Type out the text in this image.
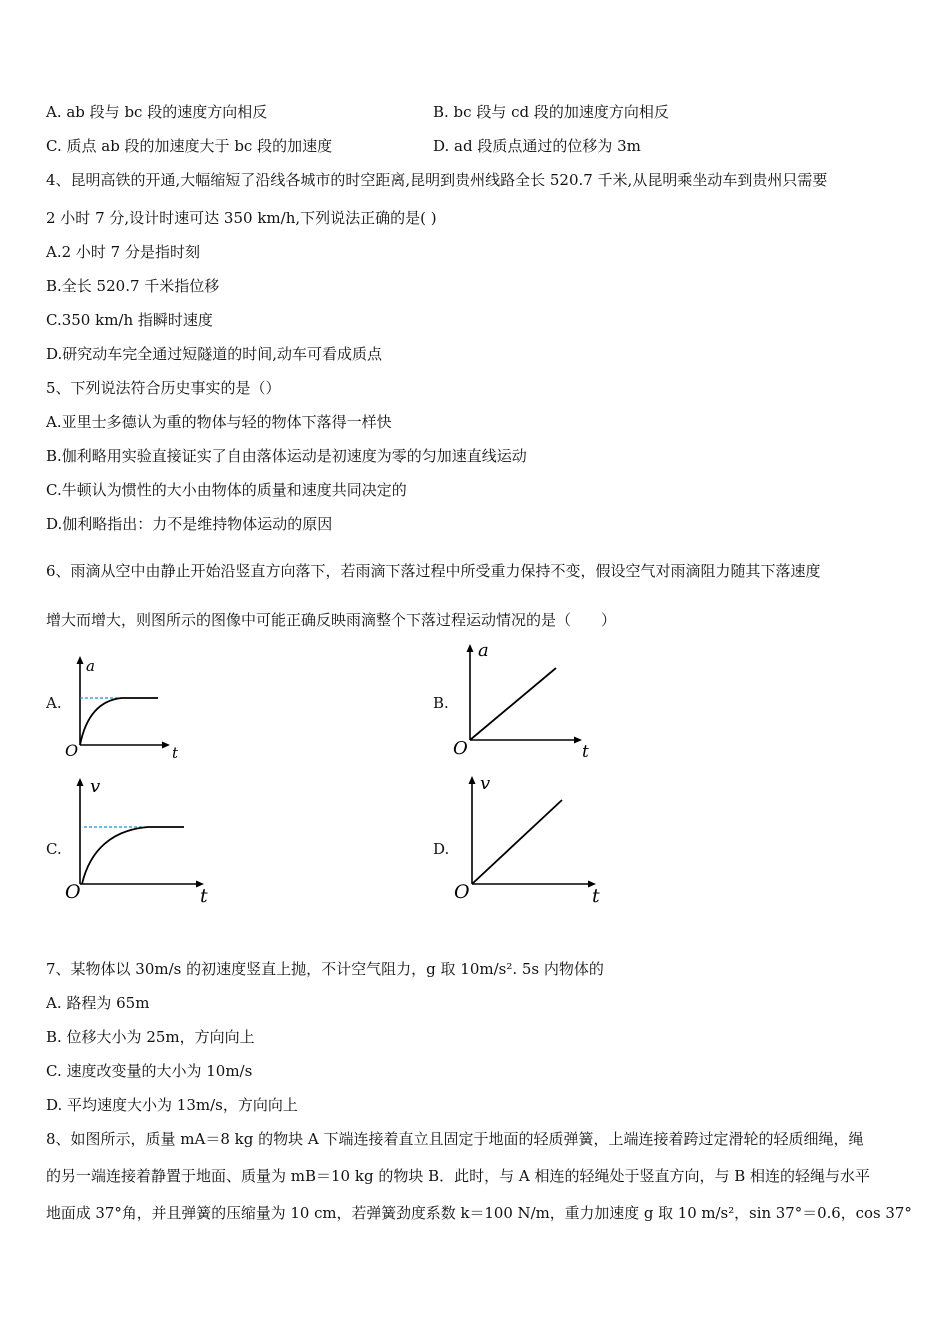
A. ab 段与 bc 段的速度方向相反	B. bc 段与 cd 段的加速度方向相反
C. 质点 ab 段的加速度大于 bc 段的加速度	D. ad 段质点通过的位移为 3m
4、昆明高铁的开通,大幅缩短了沿线各城市的时空距离,昆明到贵州线路全长 520.7 千米,从昆明乘坐动车到贵州只需要
2 小时 7 分,设计时速可达 350 km/h,下列说法正确的是( )
A.2 小时 7 分是指时刻
B.全长 520.7 千米指位移
C.350 km/h 指瞬时速度
D.研究动车完全通过短隧道的时间,动车可看成质点
5、下列说法符合历史事实的是（）
A.亚里士多德认为重的物体与轻的物体下落得一样快
B.伽利略用实验直接证实了自由落体运动是初速度为零的匀加速直线运动
C.牛顿认为惯性的大小由物体的质量和速度共同决定的
D.伽利略指出：力不是维持物体运动的原因
6、雨滴从空中由静止开始沿竖直方向落下，若雨滴下落过程中所受重力保持不变，假设空气对雨滴阻力随其下落速度
增大而增大，则图所示的图像中可能正确反映雨滴整个下落过程运动情况的是（　　）
A.
a
O	t
B.
a
O	t
C.
v
O	t
D.
v
O	t
7、某物体以 30m/s 的初速度竖直上抛，不计空气阻力，g 取 10m/s². 5s 内物体的
A. 路程为 65m
B. 位移大小为 25m，方向向上
C. 速度改变量的大小为 10m/s
D. 平均速度大小为 13m/s，方向向上
8、如图所示，质量 mA＝8 kg 的物块 A 下端连接着直立且固定于地面的轻质弹簧，上端连接着跨过定滑轮的轻质细绳，绳
的另一端连接着静置于地面、质量为 mB＝10 kg 的物块 B．此时，与 A 相连的轻绳处于竖直方向，与 B 相连的轻绳与水平
地面成 37°角，并且弹簧的压缩量为 10 cm，若弹簧劲度系数 k＝100 N/m，重力加速度 g 取 10 m/s²，sin 37°＝0.6，cos 37°
